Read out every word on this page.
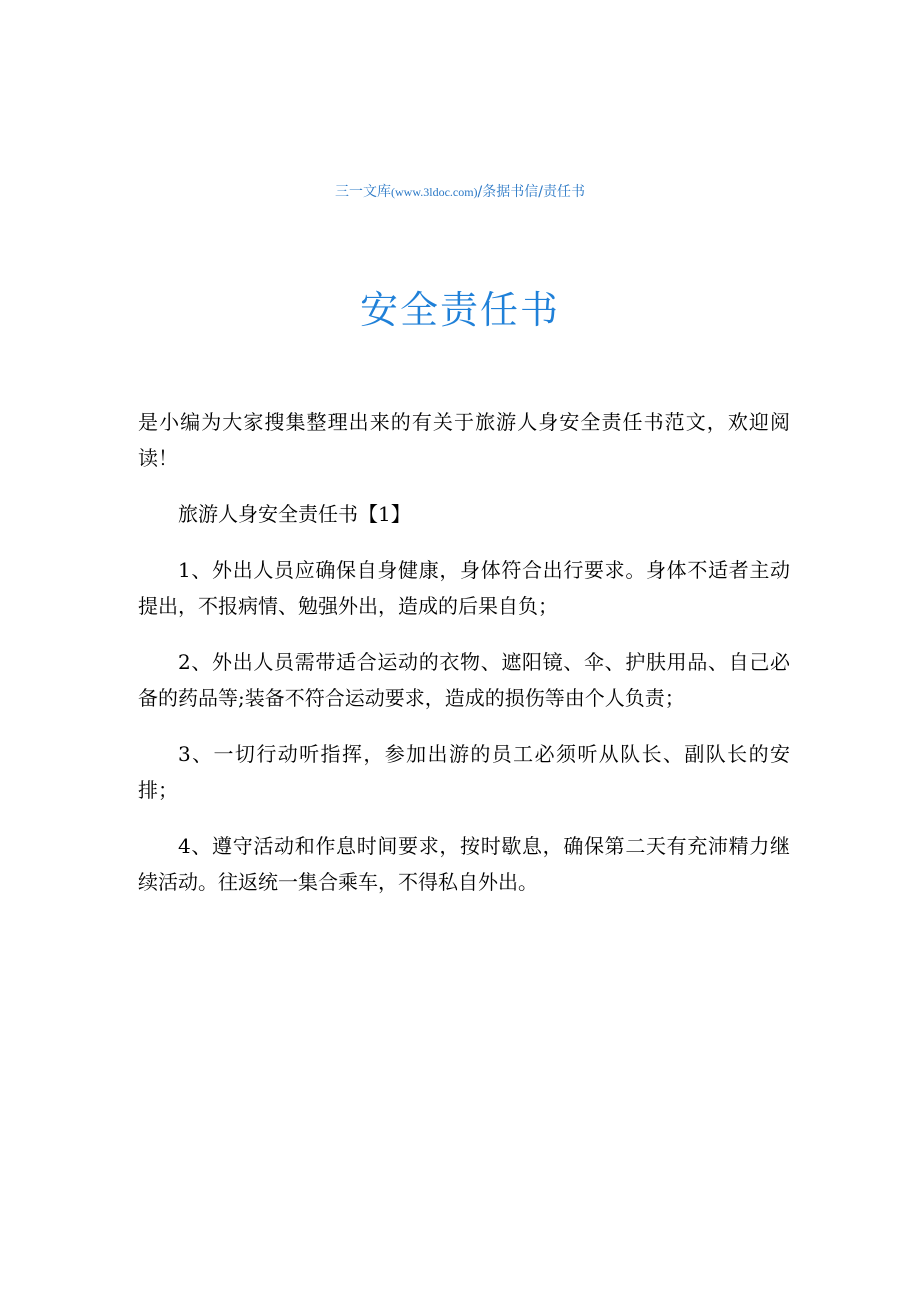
三一文库(www.3ldoc.com)/条据书信/责任书
安全责任书

是小编为大家搜集整理出来的有关于旅游人身安全责任书范文，欢迎阅读！

旅游人身安全责任书【1】

1、外出人员应确保自身健康，身体符合出行要求。身体不适者主动提出，不报病情、勉强外出，造成的后果自负；

2、外出人员需带适合运动的衣物、遮阳镜、伞、护肤用品、自己必备的药品等;装备不符合运动要求，造成的损伤等由个人负责；

3、一切行动听指挥，参加出游的员工必须听从队长、副队长的安排；

4、遵守活动和作息时间要求，按时歇息，确保第二天有充沛精力继续活动。往返统一集合乘车，不得私自外出。
